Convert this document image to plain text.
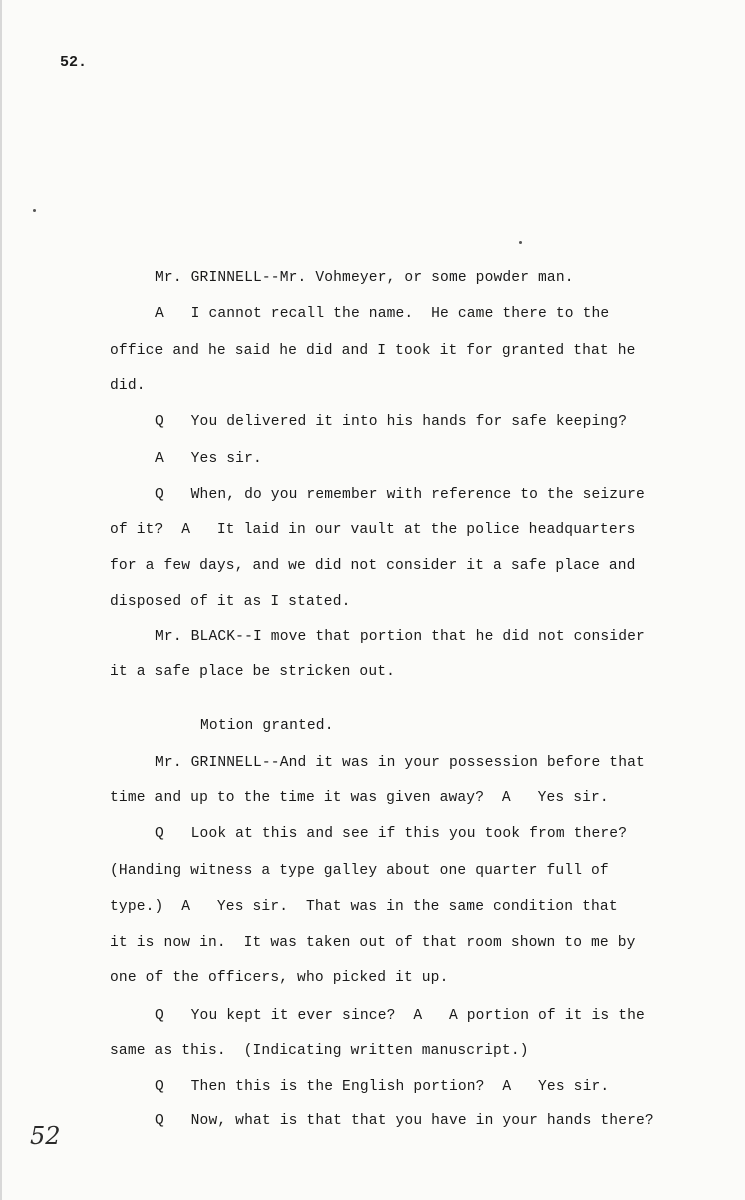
52.
Mr. GRINNELL--Mr. Vohmeyer, or some powder man.
A   I cannot recall the name.  He came there to the
office and he said he did and I took it for granted that he
did.
Q   You delivered it into his hands for safe keeping?
A   Yes sir.
Q   When, do you remember with reference to the seizure
of it?  A   It laid in our vault at the police headquarters
for a few days, and we did not consider it a safe place and
disposed of it as I stated.
Mr. BLACK--I move that portion that he did not consider
it a safe place be stricken out.
Motion granted.
Mr. GRINNELL--And it was in your possession before that
time and up to the time it was given away?  A   Yes sir.
Q   Look at this and see if this you took from there?
(Handing witness a type galley about one quarter full of
type.)  A   Yes sir.  That was in the same condition that
it is now in.  It was taken out of that room shown to me by
one of the officers, who picked it up.
Q   You kept it ever since?  A   A portion of it is the
same as this.  (Indicating written manuscript.)
Q   Then this is the English portion?  A   Yes sir.
Q   Now, what is that that you have in your hands there?
52
